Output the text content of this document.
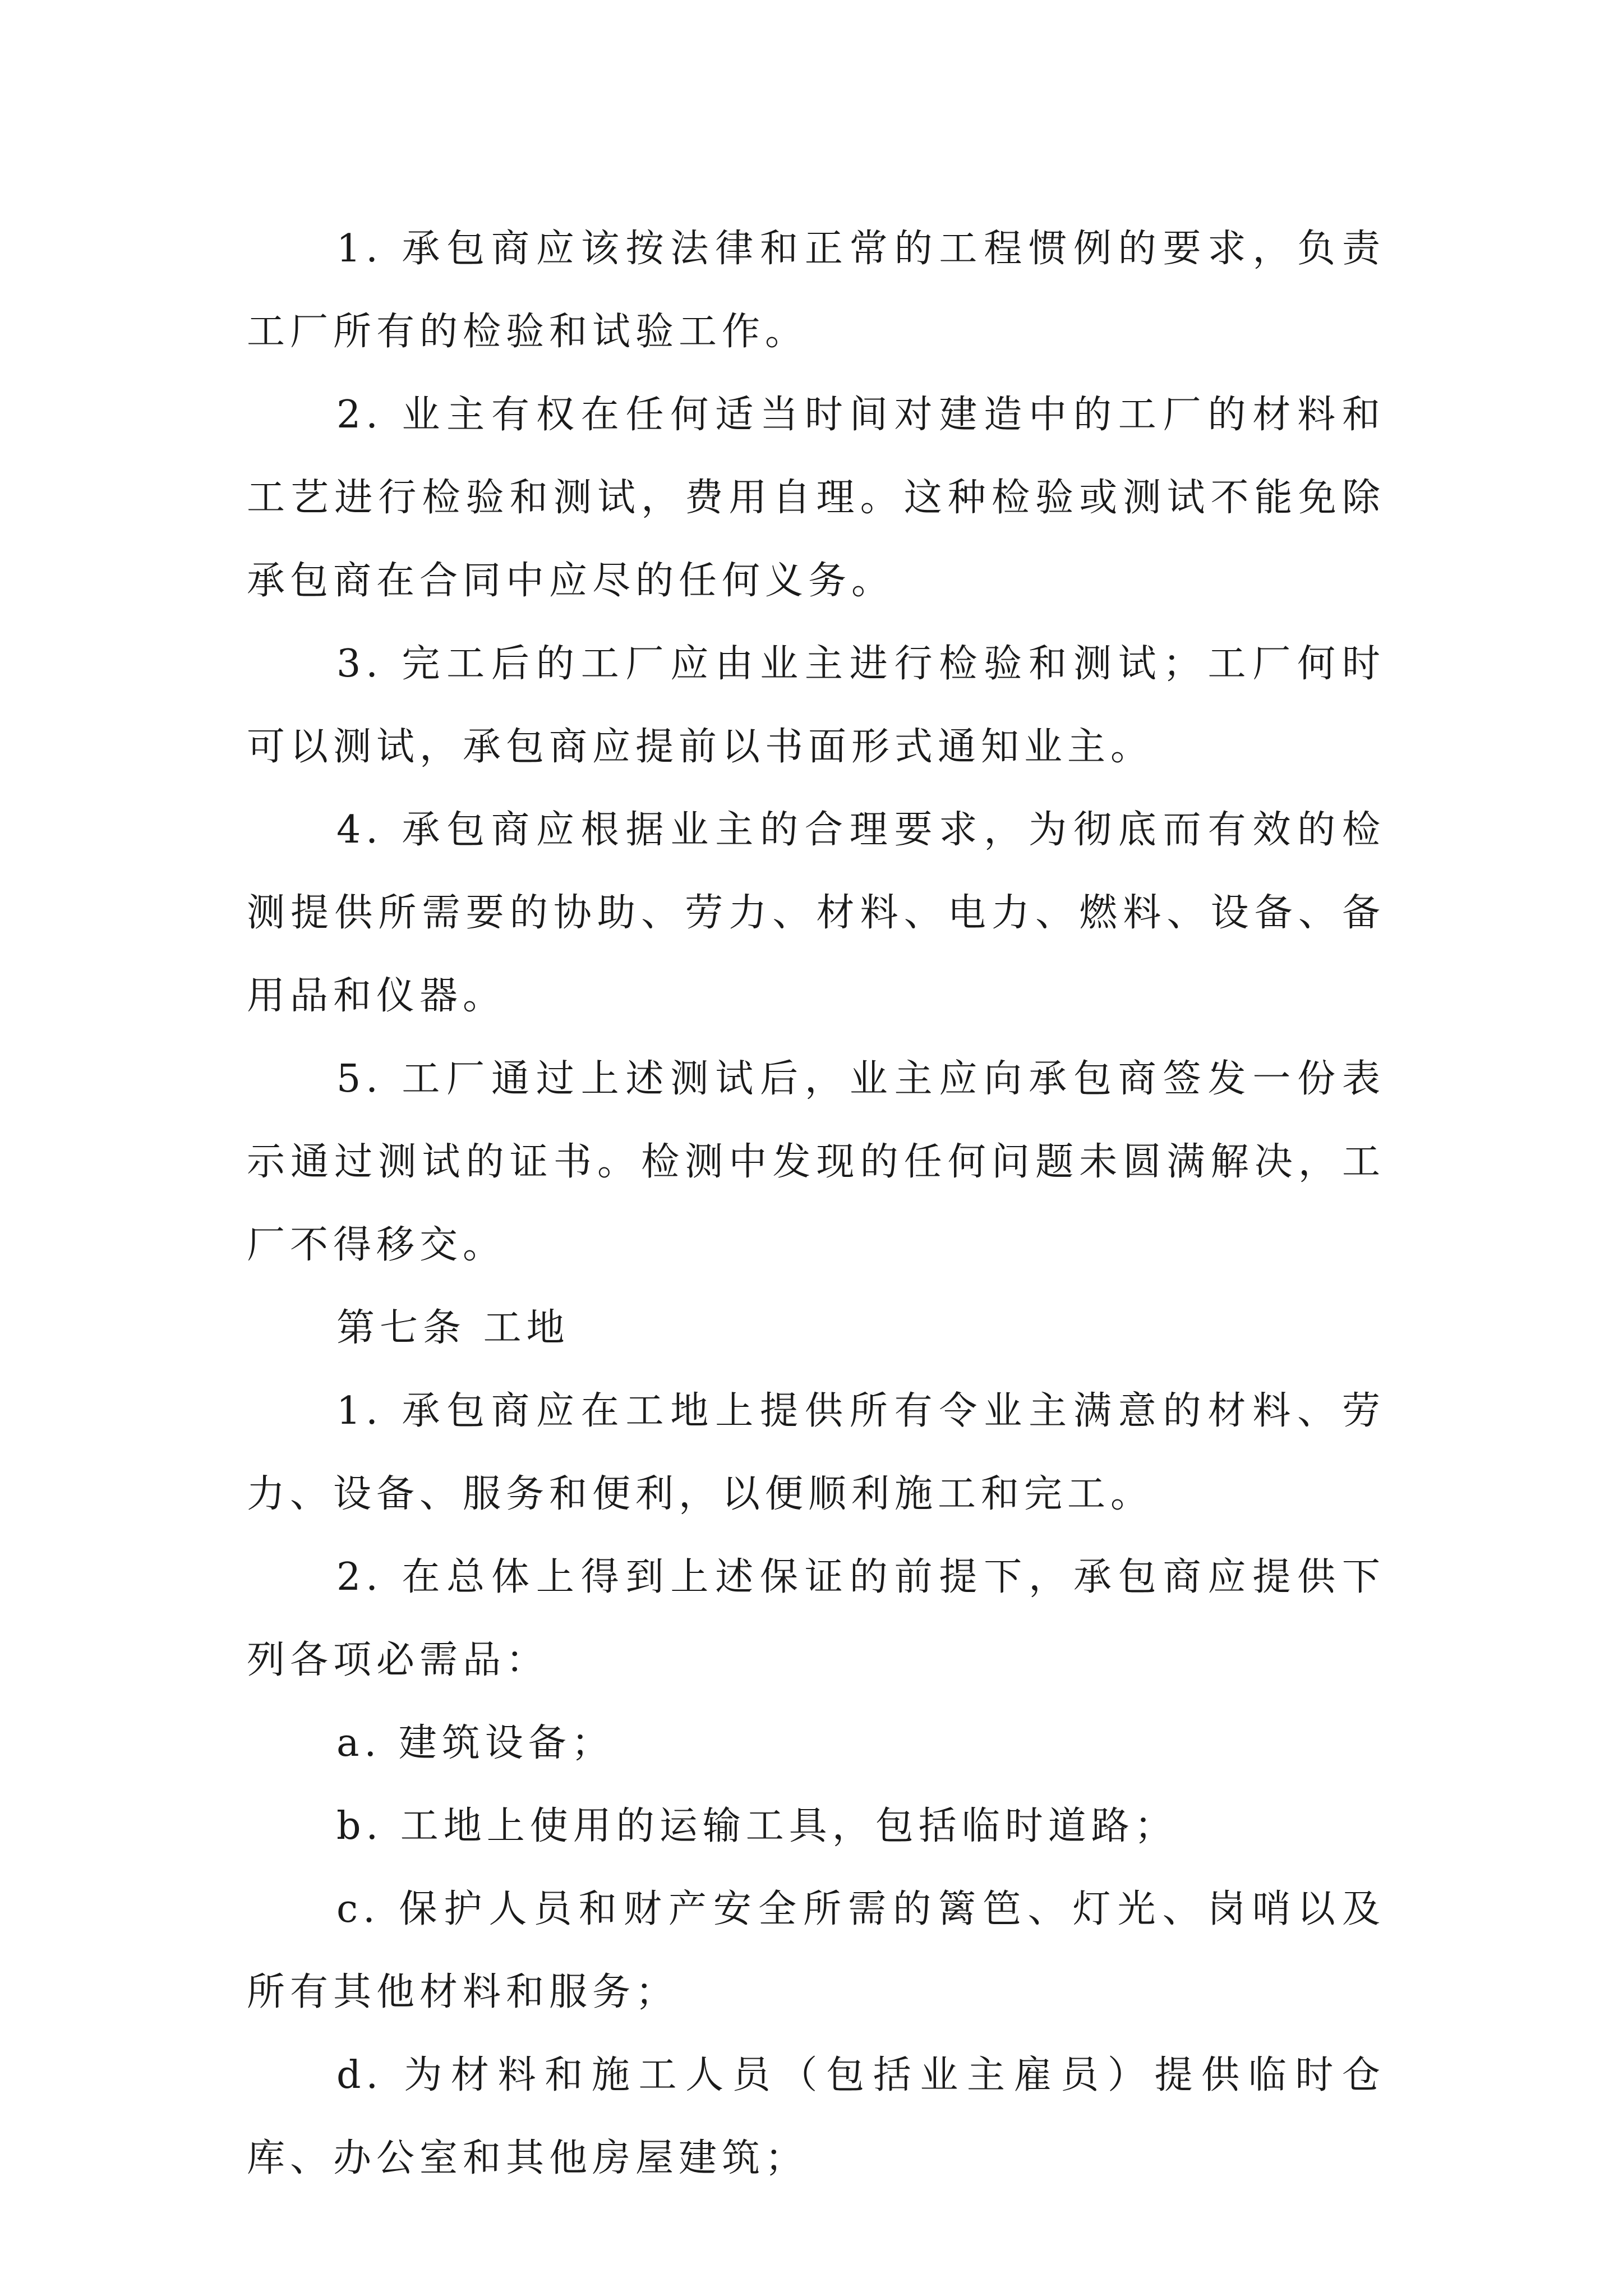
1. 承包商应该按法律和正常的工程惯例的要求，负责工厂所有的检验和试验工作。

2. 业主有权在任何适当时间对建造中的工厂的材料和工艺进行检验和测试，费用自理。这种检验或测试不能免除承包商在合同中应尽的任何义务。

3. 完工后的工厂应由业主进行检验和测试；工厂何时可以测试，承包商应提前以书面形式通知业主。

4. 承包商应根据业主的合理要求，为彻底而有效的检测提供所需要的协助、劳力、材料、电力、燃料、设备、备用品和仪器。

5. 工厂通过上述测试后，业主应向承包商签发一份表示通过测试的证书。检测中发现的任何问题未圆满解决，工厂不得移交。

第七条 工地

1. 承包商应在工地上提供所有令业主满意的材料、劳力、设备、服务和便利，以便顺利施工和完工。

2. 在总体上得到上述保证的前提下，承包商应提供下列各项必需品：

a. 建筑设备；

b. 工地上使用的运输工具，包括临时道路；

c. 保护人员和财产安全所需的篱笆、灯光、岗哨以及所有其他材料和服务；

d. 为材料和施工人员（包括业主雇员）提供临时仓库、办公室和其他房屋建筑；
